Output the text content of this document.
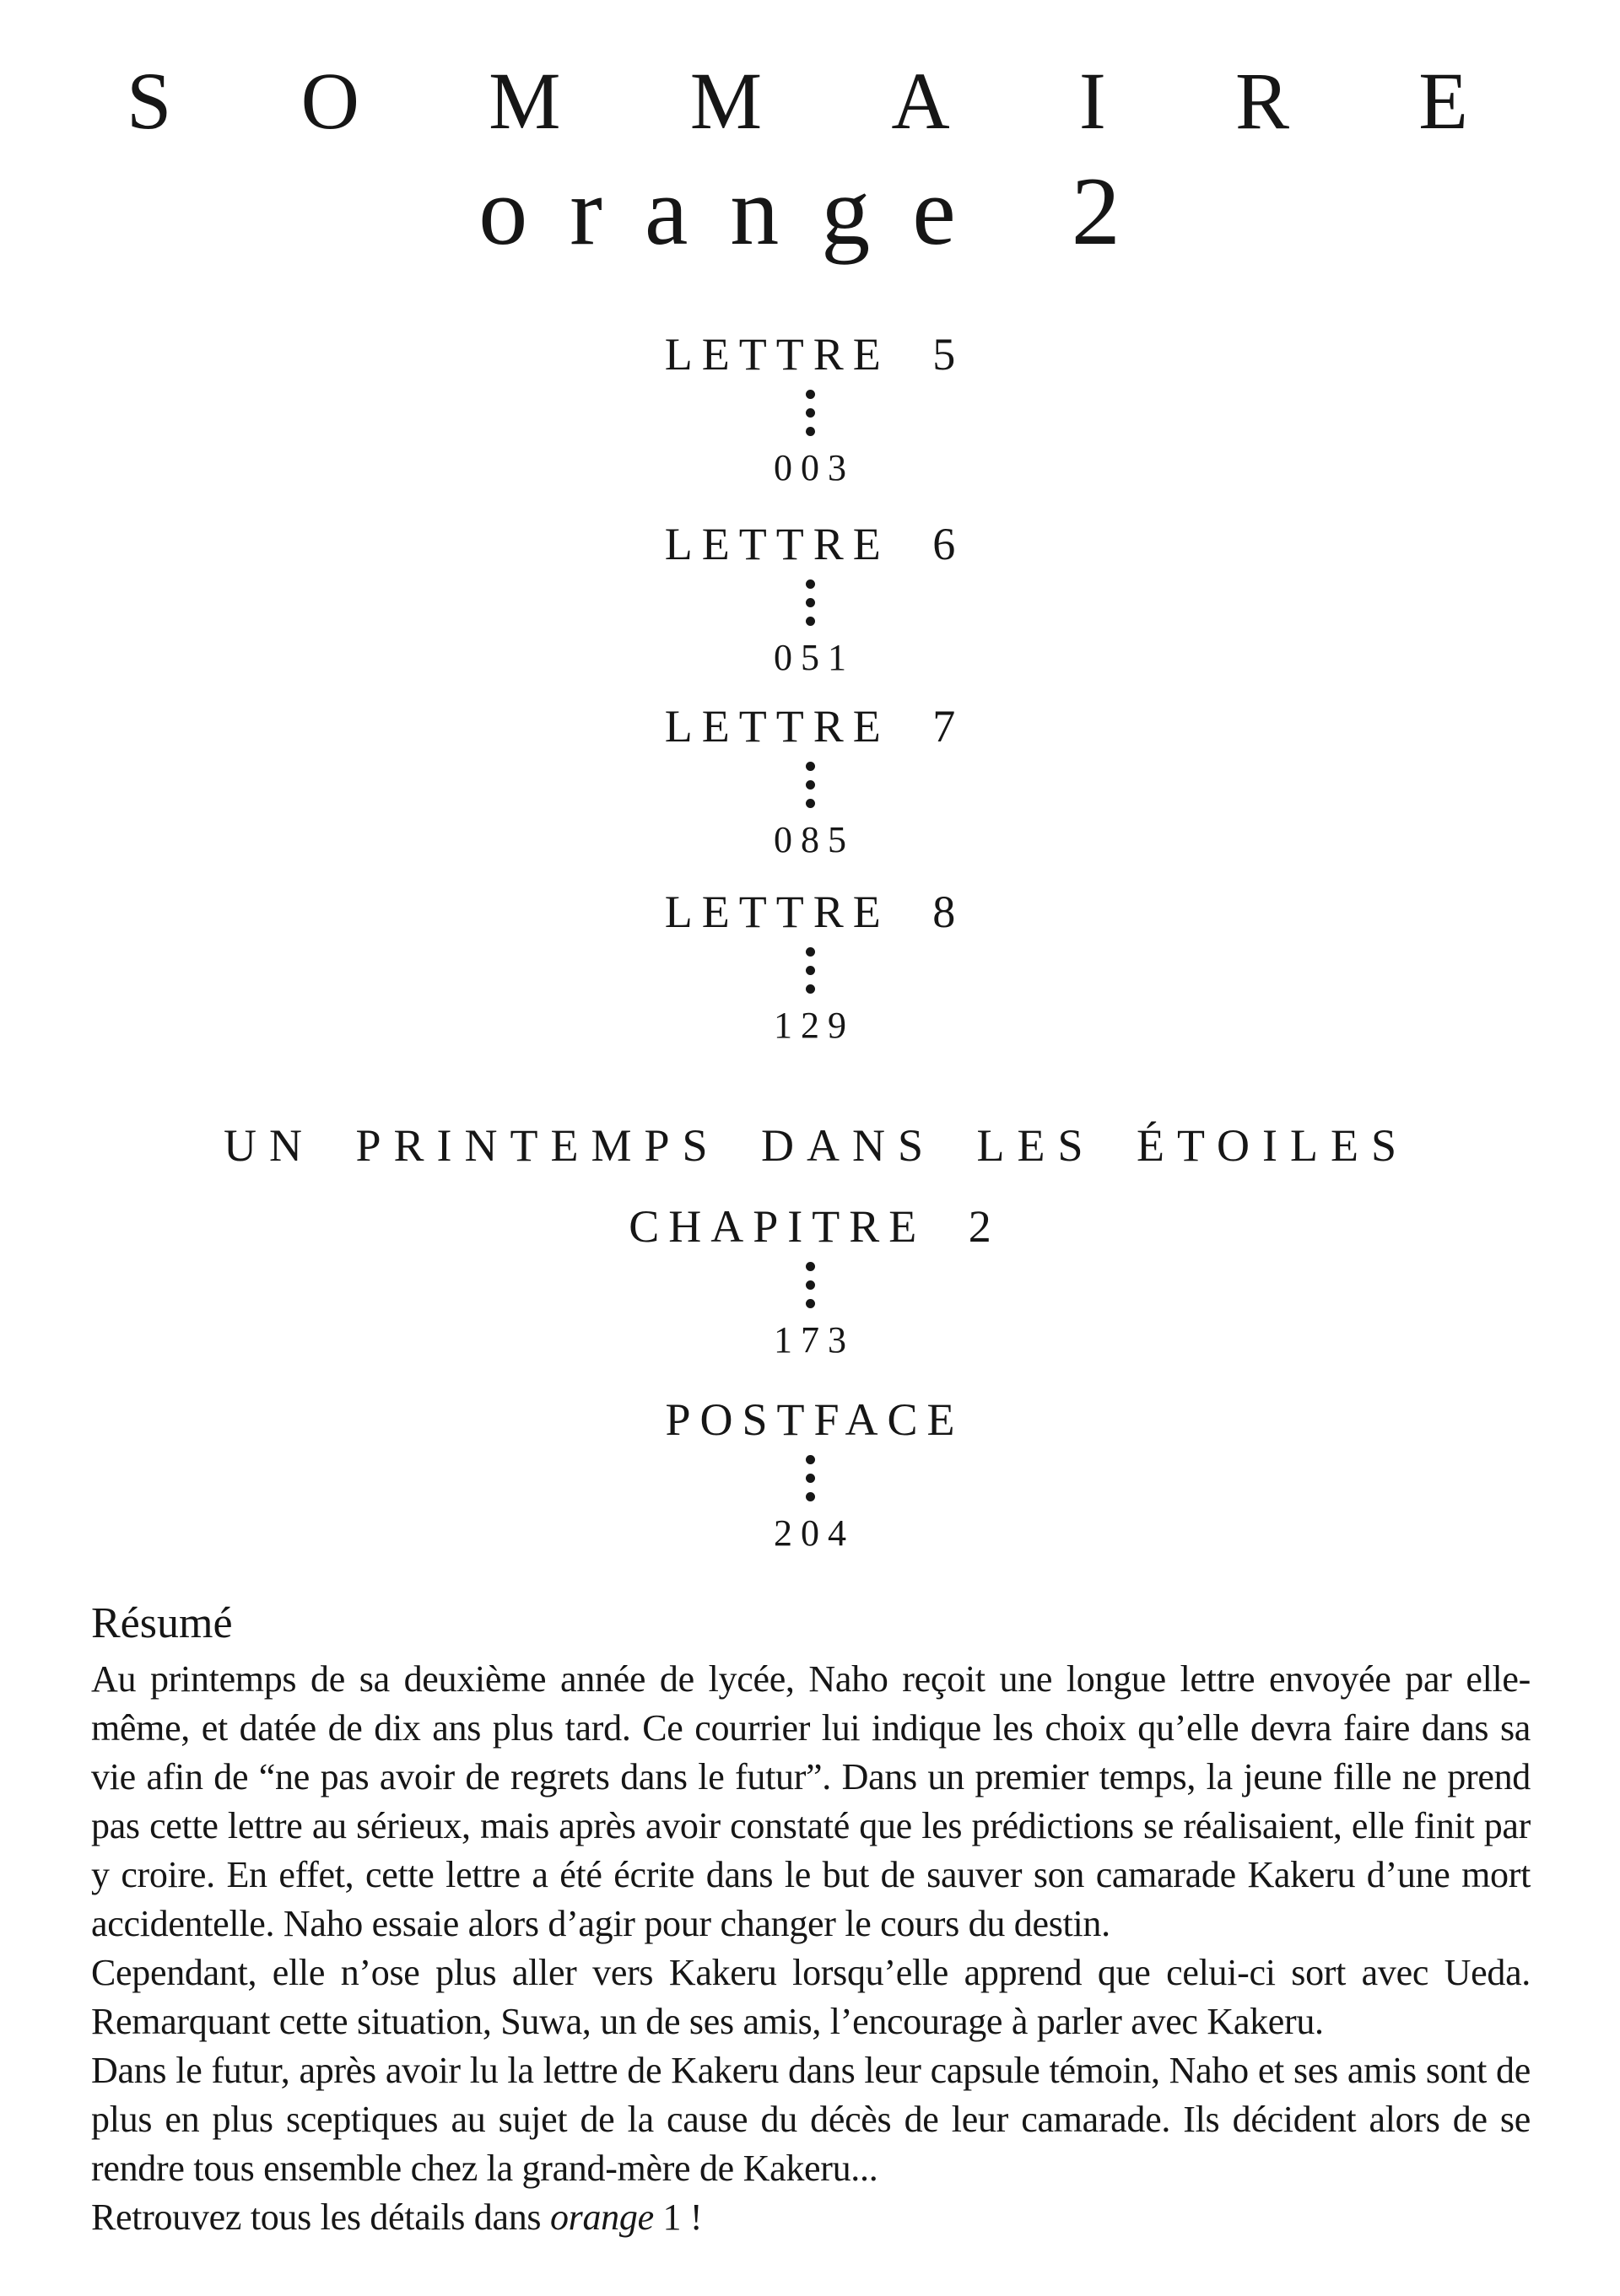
S O M M A I R E
orange 2
LETTRE 5
003
LETTRE 6
051
LETTRE 7
085
LETTRE 8
129
UN PRINTEMPS DANS LES ÉTOILES
CHAPITRE 2
173
POSTFACE
204
Résumé

Au printemps de sa deuxième année de lycée, Naho reçoit une longue lettre envoyée par elle-même, et datée de dix ans plus tard. Ce courrier lui indique les choix qu’elle devra faire dans sa vie afin de “ne pas avoir de regrets dans le futur”. Dans un premier temps, la jeune fille ne prend pas cette lettre au sérieux, mais après avoir constaté que les prédictions se réalisaient, elle finit par y croire. En effet, cette lettre a été écrite dans le but de sauver son camarade Kakeru d’une mort accidentelle. Naho essaie alors d’agir pour changer le cours du destin.

Cependant, elle n’ose plus aller vers Kakeru lorsqu’elle apprend que celui-ci sort avec Ueda. Remarquant cette situation, Suwa, un de ses amis, l’encourage à parler avec Kakeru.

Dans le futur, après avoir lu la lettre de Kakeru dans leur capsule témoin, Naho et ses amis sont de plus en plus sceptiques au sujet de la cause du décès de leur camarade. Ils décident alors de se rendre tous ensemble chez la grand-mère de Kakeru...

Retrouvez tous les détails dans orange 1 !
